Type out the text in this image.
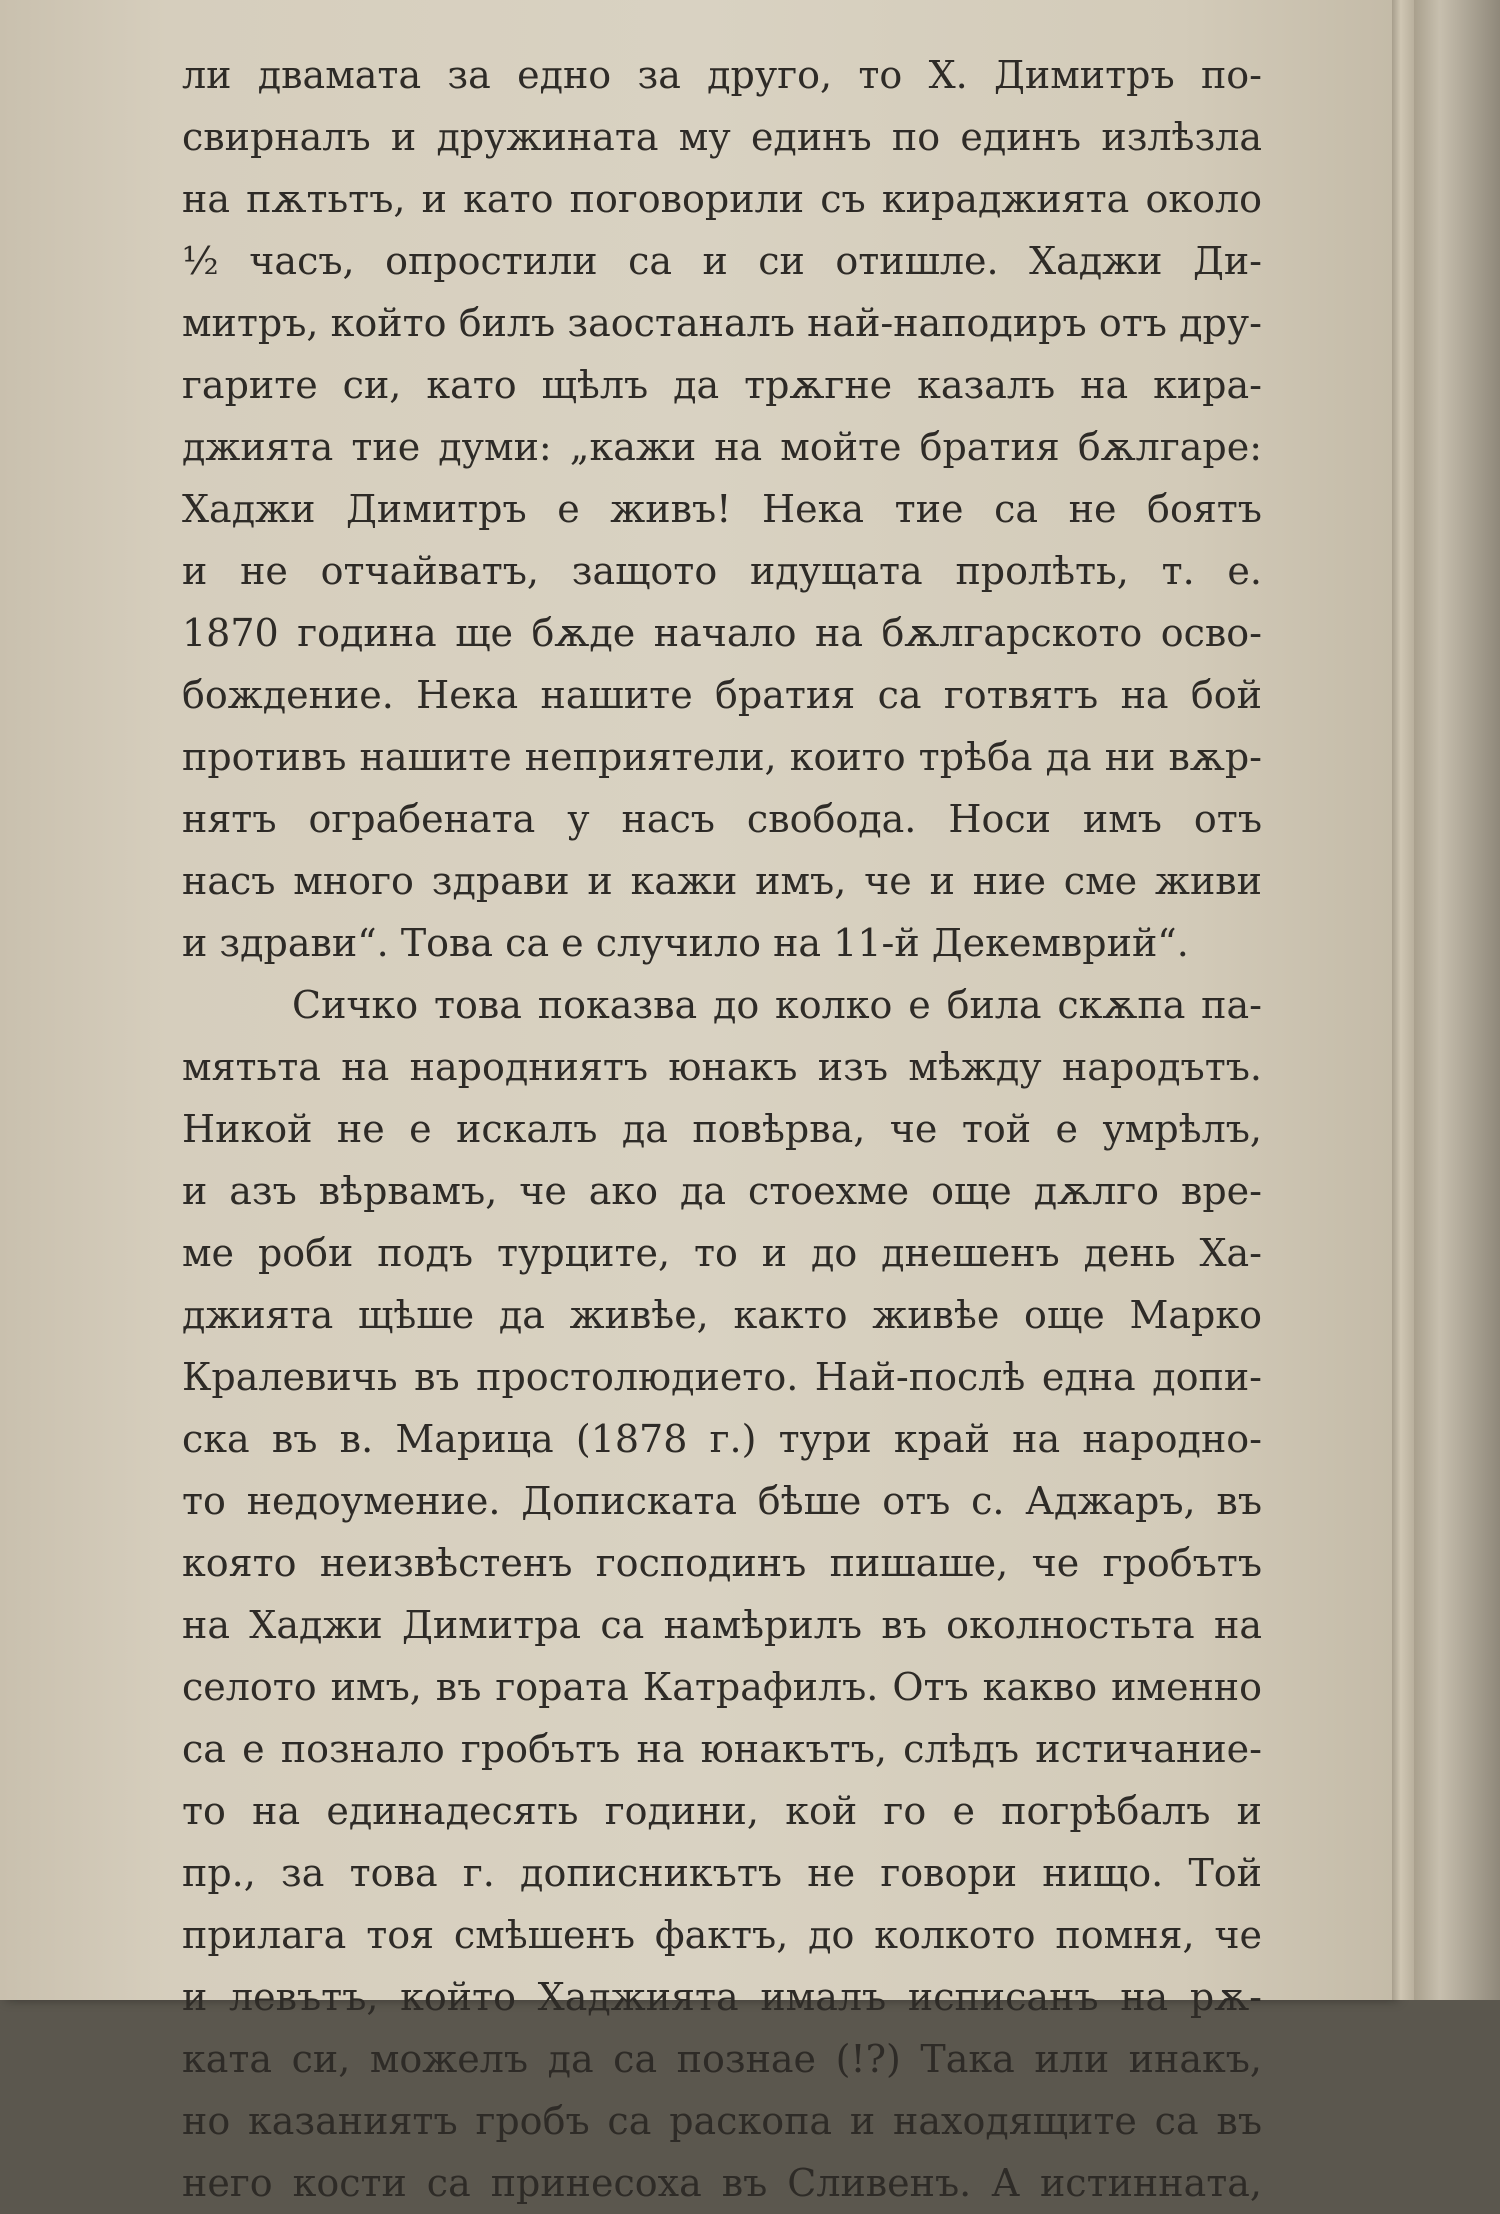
ли двамата за едно за друго, то Х. Димитръ по-
свирналъ и дружината му единъ по единъ излѣзла
на пѫтьтъ, и като поговорили съ кираджията около
½ часъ, опростили са и си отишле. Хаджи Ди-
митръ, който билъ заостаналъ най-наподиръ отъ дру-
гарите си, като щѣлъ да трѫгне казалъ на кира-
джията тие думи: „кажи на мойте братия бѫлгаре:
Хаджи Димитръ е живъ! Нека тие са не боятъ
и не отчайватъ, защото идущата пролѣть, т. е.
1870 година ще бѫде начало на бѫлгарското осво-
бождение. Нека нашите братия са готвятъ на бой
противъ нашите неприятели, които трѣба да ни вѫр-
нятъ ограбената у насъ свобода. Носи имъ отъ
насъ много здрави и кажи имъ, че и ние сме живи
и здрави“. Това са е случило на 11-й Декемврий“.
Сичко това показва до колко е била скѫпа па-
мятьта на народниятъ юнакъ изъ мѣжду народътъ.
Никой не е искалъ да повѣрва, че той е умрѣлъ,
и азъ вѣрвамъ, че ако да стоехме още дѫлго вре-
ме роби подъ турците, то и до днешенъ день Ха-
джията щѣше да живѣе, както живѣе още Марко
Кралевичь въ простолюдието. Най-послѣ една допи-
ска въ в. Марица (1878 г.) тури край на народно-
то недоумение. Дописката бѣше отъ с. Аджаръ, въ
която неизвѣстенъ господинъ пишаше, че гробътъ
на Хаджи Димитра са намѣрилъ въ околностьта на
селото имъ, въ гората Катрафилъ. Отъ какво именно
са е познало гробътъ на юнакътъ, слѣдъ истичание-
то на единадесять години, кой го е погрѣбалъ и
пр., за това г. дописникътъ не говори нищо. Той
прилага тоя смѣшенъ фактъ, до колкото помня, че
и левътъ, който Хаджията ималъ исписанъ на рѫ-
ката си, можелъ да са познае (!?) Така или инакъ,
но казаниятъ гробъ са раскопа и находящите са въ
него кости са принесоха въ Сливенъ. А истинната,
